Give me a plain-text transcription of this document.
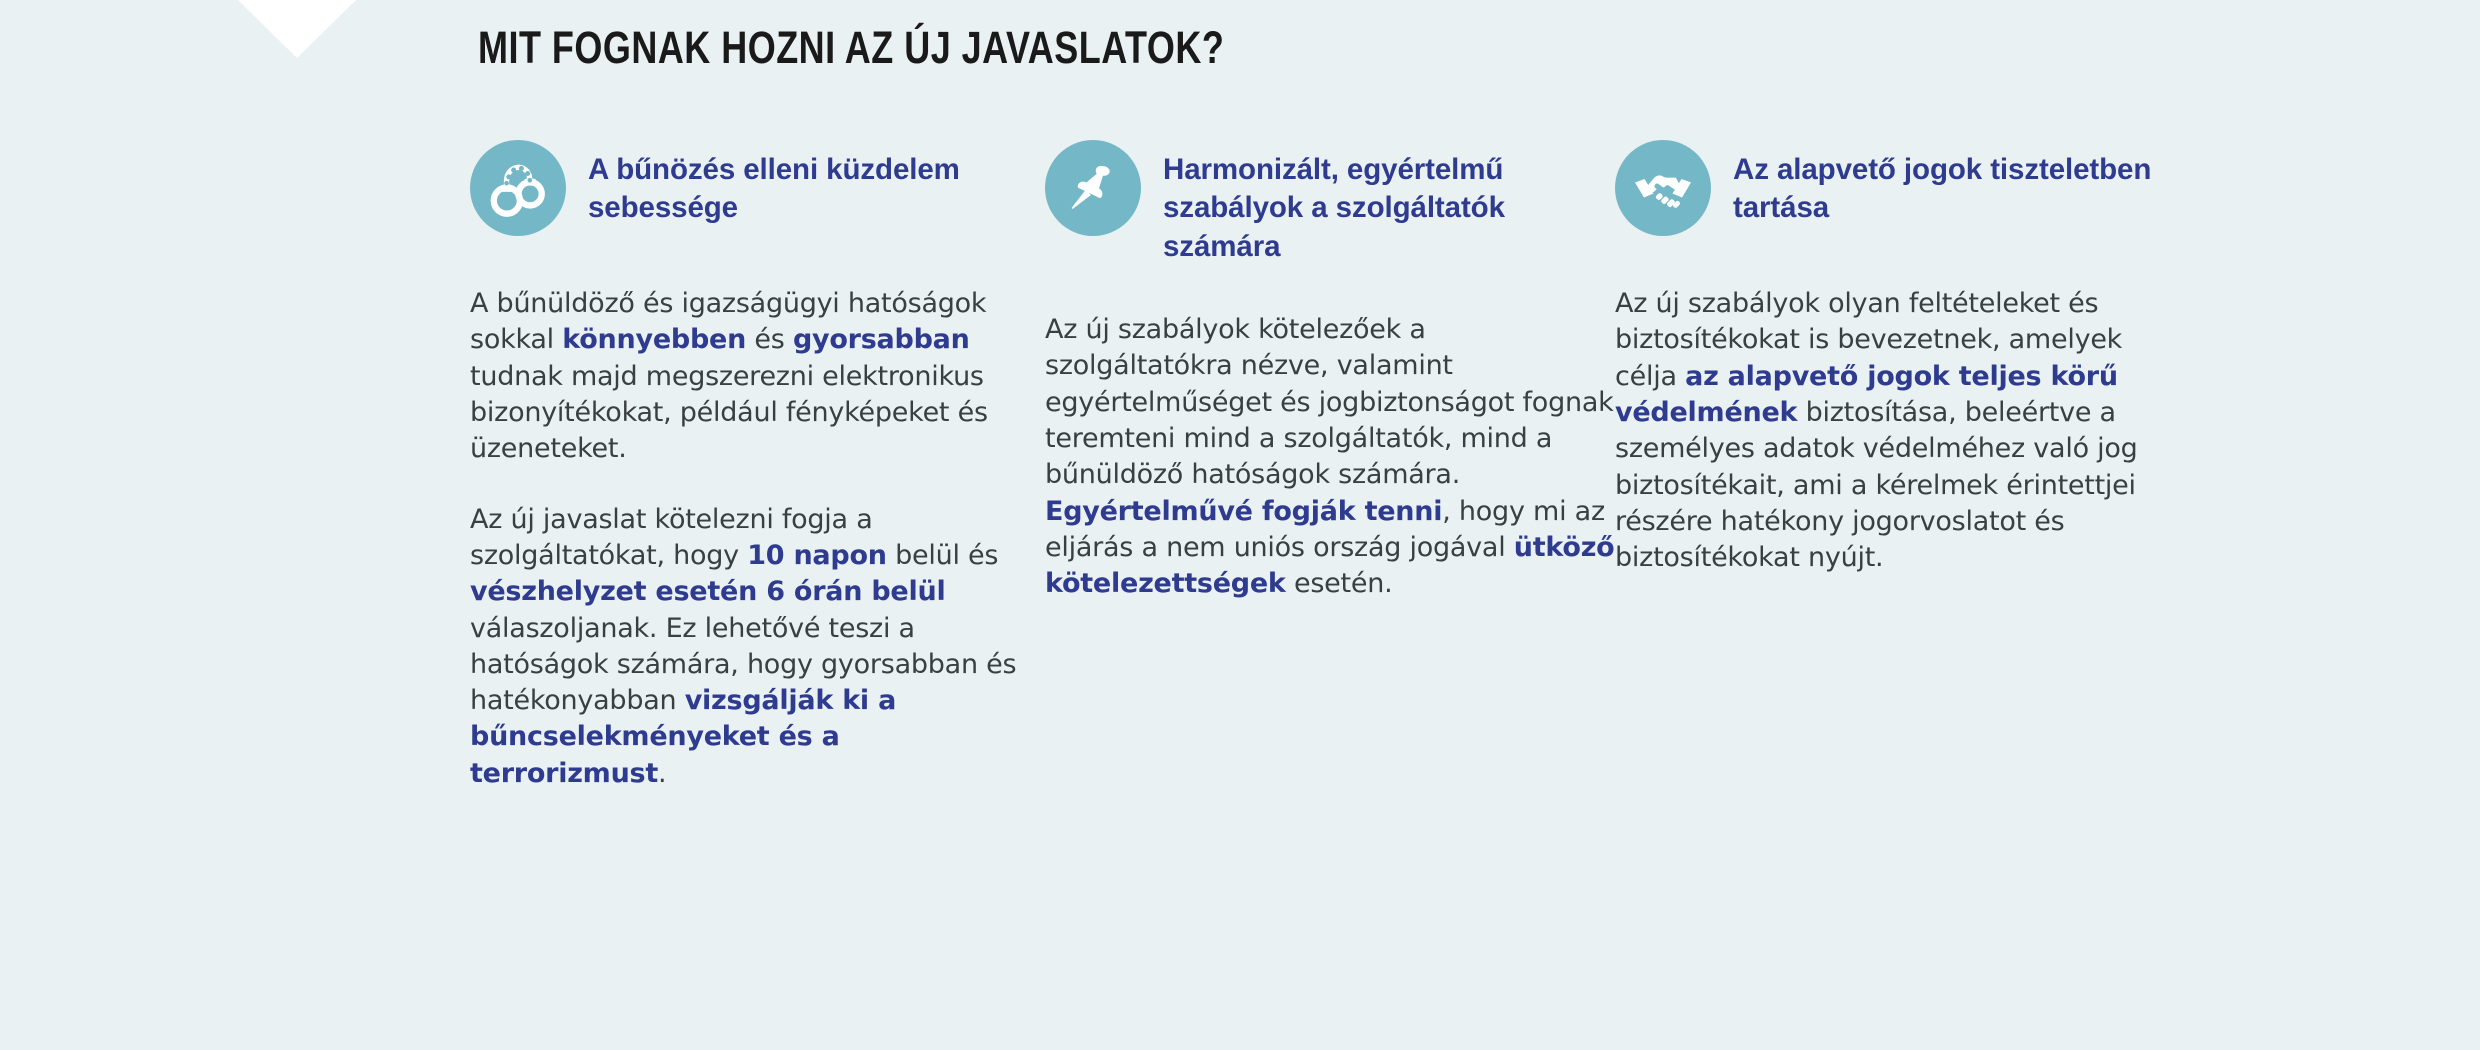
MIT FOGNAK HOZNI AZ ÚJ JAVASLATOK?
A bűnözés elleni küzdelem sebessége

A bűnüldöző és igazságügyi hatóságok sokkal könnyebben és gyorsabban tudnak majd megszerezni elektronikus bizonyítékokat, például fényképeket és üzeneteket.

Az új javaslat kötelezni fogja a szolgáltatókat, hogy 10 napon belül és vészhelyzet esetén 6 órán belül válaszoljanak. Ez lehetővé teszi a hatóságok számára, hogy gyorsabban és hatékonyabban vizsgálják ki a bűncselekményeket és a terrorizmust.

Harmonizált, egyértelmű szabályok a szolgáltatók számára

Az új szabályok kötelezőek a szolgáltatókra nézve, valamint egyértelműséget és jogbiztonságot fognak teremteni mind a szolgáltatók, mind a bűnüldöző hatóságok számára. Egyértelművé fogják tenni, hogy mi az eljárás a nem uniós ország jogával ütköző kötelezettségek esetén.

Az alapvető jogok tiszteletben tartása

Az új szabályok olyan feltételeket és biztosítékokat is bevezetnek, amelyek célja az alapvető jogok teljes körű védelmének biztosítása, beleértve a személyes adatok védelméhez való jog biztosítékait, ami a kérelmek érintettjei részére hatékony jogorvoslatot és biztosítékokat nyújt.
